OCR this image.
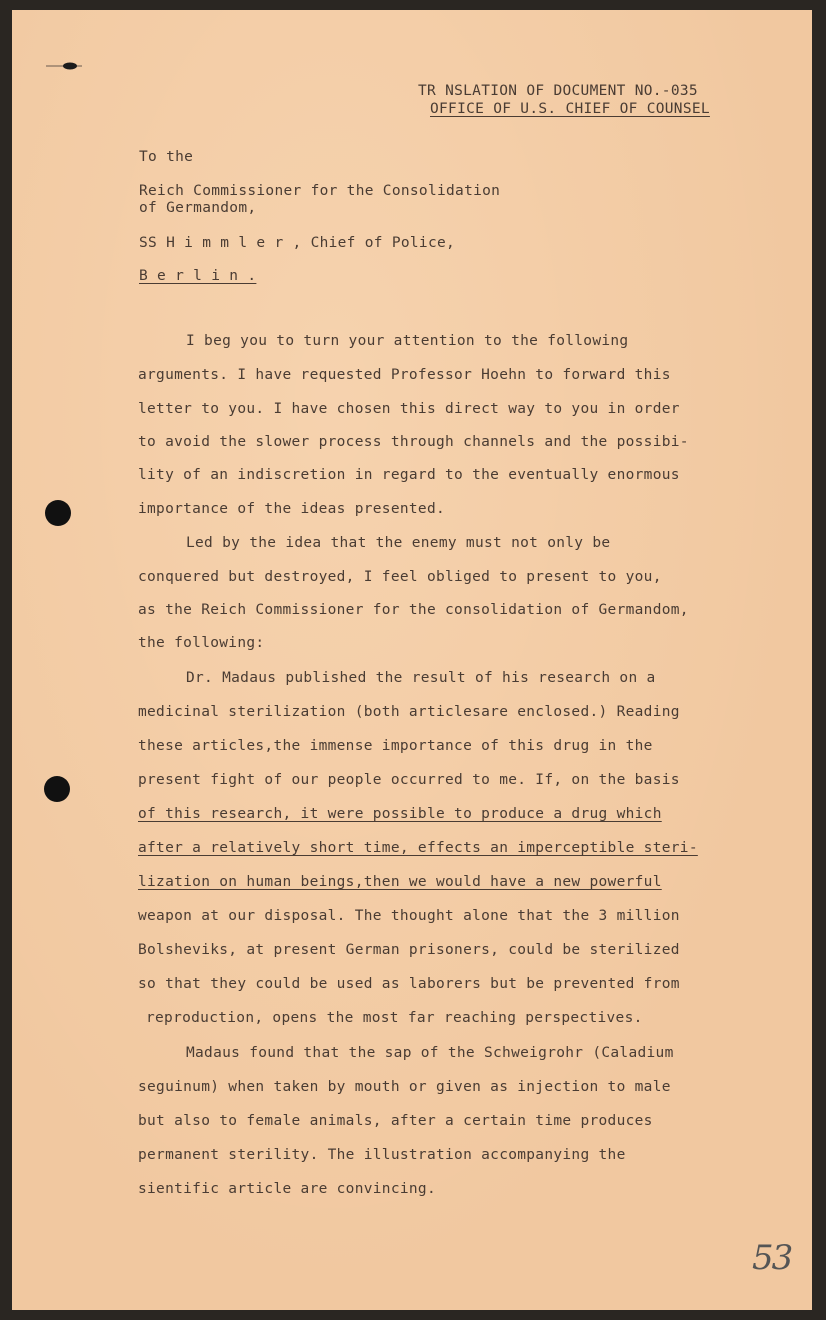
TR NSLATION OF DOCUMENT NO.-035
OFFICE OF U.S. CHIEF OF COUNSEL
To the
Reich Commissioner for the Consolidation
of Germandom,
SS H i m m l e r , Chief of Police,
B e r l i n .
I beg you to turn your attention to the following
arguments. I have requested Professor Hoehn to forward this
letter to you. I have chosen this direct way to you in order
to avoid the slower process through channels and the possibi-
lity of an indiscretion in regard to the eventually enormous
importance of the ideas presented.
Led by the idea that the enemy must not only be
conquered but destroyed, I feel obliged to present to you,
as the Reich Commissioner for the consolidation of Germandom,
the following:
Dr. Madaus published the result of his research on a
medicinal sterilization (both articlesare enclosed.) Reading
these articles,the immense importance of this drug in the
present fight of our people occurred to me. If, on the basis
of this research, it were possible to produce a drug which
after a relatively short time, effects an imperceptible steri-
lization on human beings,then we would have a new powerful
weapon at our disposal. The thought alone that the 3 million
Bolsheviks, at present German prisoners, could be sterilized
so that they could be used as laborers but be prevented from
reproduction, opens the most far reaching perspectives.
Madaus found that the sap of the Schweigrohr (Caladium
seguinum) when taken by mouth or given as injection to male
but also to female animals, after a certain time produces
permanent sterility. The illustration accompanying the
sientific article are convincing.
53
